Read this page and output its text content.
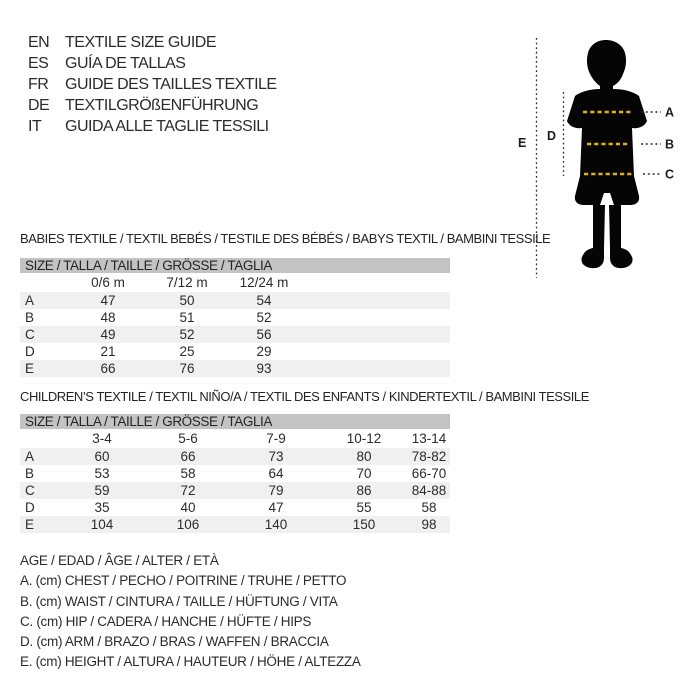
EN TEXTILE SIZE GUIDE
ES	GUÍA DE TALLAS
FR	GUIDE DES TAILLES TEXTILE
DE TEXTILGRÖßENFÜHRUNG
IT	GUIDA ALLE TAGLIE TESSILI
A
B
C
D
E
BABIES TEXTILE / TEXTIL BEBÉS / TESTILE DES BÉBÉS / BABYS TEXTIL / BAMBINI TESSILE
SIZE / TALLA / TAILLE / GRÖSSE / TAGLIA				
	0/6 m	7/12 m	12/24 m	
A	47	50	54	
B	48	51	52	
C	49	52	56	
D	21	25	29	
E	66	76	93	
CHILDREN’S TEXTILE / TEXTIL NIÑO/A / TEXTIL DES ENFANTS / KINDERTEXTIL / BAMBINI TESSILE
SIZE / TALLA / TAILLE / GRÖSSE / TAGLIA					
	3-4	5-6	7-9	10-12	13-14
A	60	66	73	80	78-82
B	53	58	64	70	66-70
C	59	72	79	86	84-88
D	35	40	47	55	58
E	104	106	140	150	98
AGE / EDAD / ÂGE / ALTER / ETÀ
A. (cm) CHEST / PECHO / POITRINE / TRUHE / PETTO
B. (cm) WAIST / CINTURA / TAILLE / HÜFTUNG / VITA
C. (cm) HIP / CADERA / HANCHE / HÜFTE / HIPS
D. (cm) ARM / BRAZO / BRAS / WAFFEN / BRACCIA
E. (cm) HEIGHT / ALTURA / HAUTEUR / HÖHE / ALTEZZA
